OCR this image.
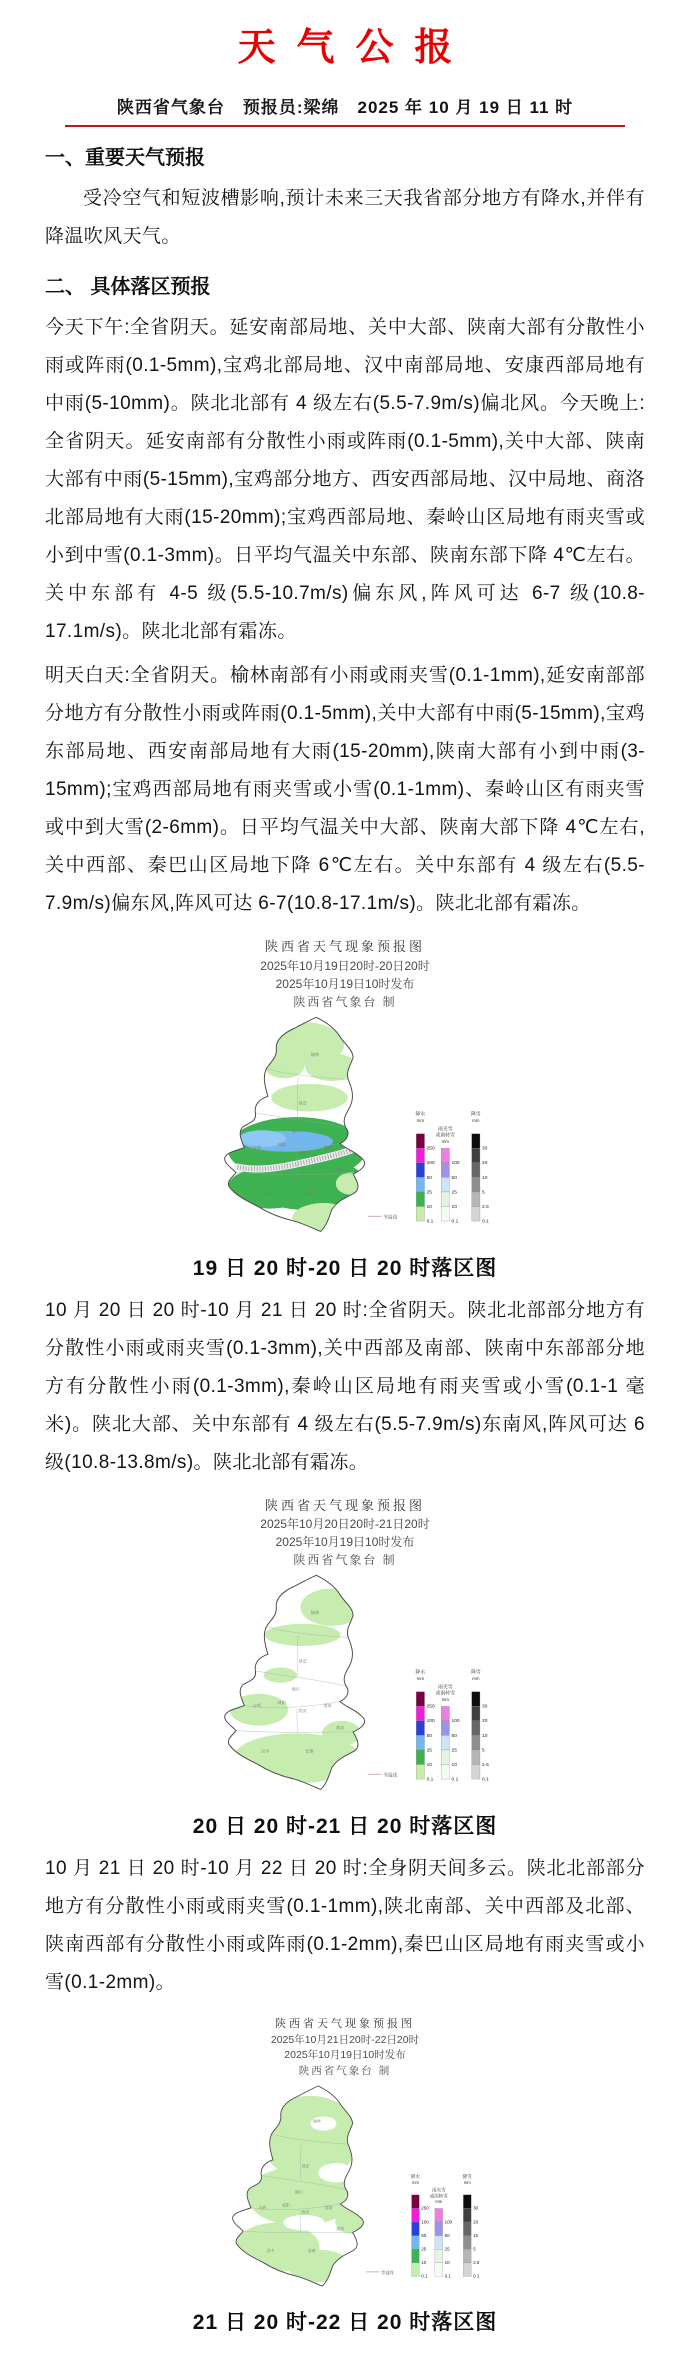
天气公报
陕西省气象台　预报员:梁绵　2025 年 10 月 19 日 11 时
一、重要天气预报

受冷空气和短波槽影响,预计未来三天我省部分地方有降水,并伴有降温吹风天气。

二、 具体落区预报

今天下午:全省阴天。延安南部局地、关中大部、陕南大部有分散性小雨或阵雨(0.1-5mm),宝鸡北部局地、汉中南部局地、安康西部局地有中雨(5-10mm)。陕北北部有 4 级左右(5.5-7.9m/s)偏北风。今天晚上:全省阴天。延安南部有分散性小雨或阵雨(0.1-5mm),关中大部、陕南大部有中雨(5-15mm),宝鸡部分地方、西安西部局地、汉中局地、商洛北部局地有大雨(15-20mm);宝鸡西部局地、秦岭山区局地有雨夹雪或小到中雪(0.1-3mm)。日平均气温关中东部、陕南东部下降 4℃左右。关中东部有 4-5 级(5.5-10.7m/s)偏东风,阵风可达 6-7 级(10.8-17.1m/s)。陕北北部有霜冻。

明天白天:全省阴天。榆林南部有小雨或雨夹雪(0.1-1mm),延安南部部分地方有分散性小雨或阵雨(0.1-5mm),关中大部有中雨(5-15mm),宝鸡东部局地、西安南部局地有大雨(15-20mm),陕南大部有小到中雨(3-15mm);宝鸡西部局地有雨夹雪或小雪(0.1-1mm)、秦岭山区有雨夹雪或中到大雪(2-6mm)。日平均气温关中大部、陕南大部下降 4℃左右,关中西部、秦巴山区局地下降 6℃左右。关中东部有 4 级左右(5.5-7.9m/s)偏东风,阵风可达 6-7(10.8-17.1m/s)。陕北北部有霜冻。

陕西省天气现象预报图
2025年10月19日20时-20日20时
2025年10月19日10时发布
陕西省气象台 制
榆林
延安
铜川
咸阳
西安
渭南
宝鸡
汉中	安康
商洛
降水
mm
250
100
50
25
10
0.1
雨夹雪
或雨转雪
mm
100
50
25
10
0.1
降雪
mm
30
20
10
5
2.5
0.1
等温线
19 日 20 时-20 日 20 时落区图

10 月 20 日 20 时-10 月 21 日 20 时:全省阴天。陕北北部部分地方有分散性小雨或雨夹雪(0.1-3mm),关中西部及南部、陕南中东部部分地方有分散性小雨(0.1-3mm),秦岭山区局地有雨夹雪或小雪(0.1-1 毫米)。陕北大部、关中东部有 4 级左右(5.5-7.9m/s)东南风,阵风可达 6 级(10.8-13.8m/s)。陕北北部有霜冻。

陕西省天气现象预报图
2025年10月20日20时-21日20时
2025年10月19日10时发布
陕西省气象台 制
榆林
延安
铜川
咸阳
西安
渭南
宝鸡
汉中	安康
商洛
降水
mm
250
100
50
25
10
0.1
雨夹雪
或雨转雪
mm
100
50
25
10
0.1
降雪
mm
30
20
10
5
2.5
0.1
等温线
20 日 20 时-21 日 20 时落区图

10 月 21 日 20 时-10 月 22 日 20 时:全身阴天间多云。陕北北部部分地方有分散性小雨或雨夹雪(0.1-1mm),陕北南部、关中西部及北部、陕南西部有分散性小雨或阵雨(0.1-2mm),秦巴山区局地有雨夹雪或小雪(0.1-2mm)。

陕西省天气现象预报图
2025年10月21日20时-22日20时
2025年10月19日10时发布
陕西省气象台 制
榆林
延安
铜川
咸阳
西安
渭南
宝鸡
汉中	安康
商洛
降水
mm
250
100
50
25
10
0.1
雨夹雪
或雨转雪
mm
100
50
25
10
0.1
降雪
mm
30
20
10
5
2.5
0.1
等温线
21 日 20 时-22 日 20 时落区图
